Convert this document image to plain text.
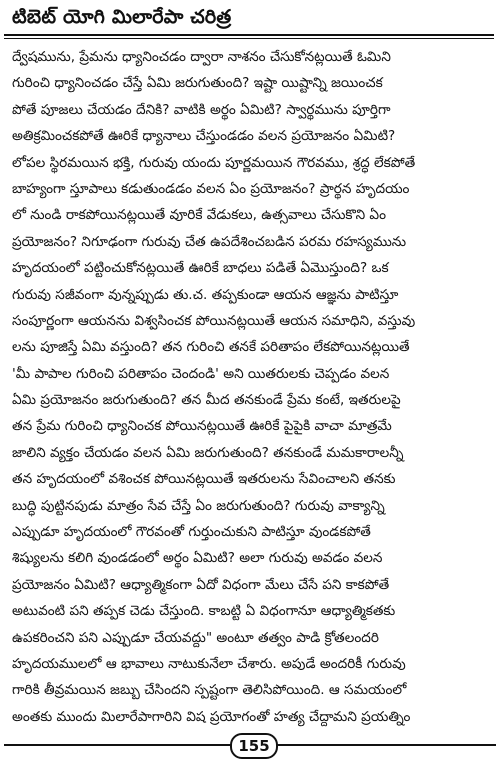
టిబెట్ యోగి మిలారేపా చరిత్ర
ద్వేషమును, ప్రేమను ధ్యానించడం ద్వారా నాశనం చేసుకోనట్లయితే ఓమిని
గురించి ధ్యానించడం చేస్తే ఏమి జరుగుతుంది? ఇష్టా యిష్టాన్ని జయించక
పోతే పూజలు చేయడం దేనికి? వాటికి అర్థం ఏమిటి? స్వార్థమును పూర్తిగా
అతిక్రమించకపోతే ఊరికే ధ్యానాలు చేస్తుండడం వలన ప్రయోజనం ఏమిటి?
లోపల స్థిరమయిన భక్తి, గురువు యందు పూర్ణమయిన గౌరవము, శ్రద్ధ లేకపోతే
బాహ్యంగా స్తూపాలు కడుతుండడం వలన ఏం ప్రయోజనం? ప్రార్థన హృదయం
లో నుండి రాకపోయినట్లయితే వూరికే వేడుకలు, ఉత్సవాలు చేసుకొని ఏం
ప్రయోజనం? నిగూఢంగా గురువు చేత ఉపదేశించబడిన పరమ రహస్యమును
హృదయంలో పట్టించుకోనట్లయితే ఊరికే బాధలు పడితే ఏమొస్తుంది? ఒక
గురువు సజీవంగా వున్నప్పుడు తు.చ. తప్పకుండా ఆయన ఆజ్ఞను పాటిస్తూ
సంపూర్ణంగా ఆయనను విశ్వసించక పోయినట్లయితే ఆయన సమాధిని, వస్తువు
లను పూజిస్తే ఏమి వస్తుంది? తన గురించి తనకే పరితాపం లేకపోయినట్లయితే
'మీ పాపాల గురించి పరితాపం చెందండి' అని యితరులకు చెప్పడం వలన
ఏమి ప్రయోజనం జరుగుతుంది? తన మీద తనకుండే ప్రేమ కంటే, ఇతరులపై
తన ప్రేమ గురించి ధ్యానించక పోయినట్లయితే ఊరికే పైపైకి వాచా మాత్రమే
జాలిని వ్యక్తం చేయడం వలన ఏమి జరుగుతుంది? తనకుండే మమకారాలన్నీ
తన హృదయంలో వశించక పోయినట్లయితే ఇతరులను సేవించాలని తనకు
బుద్ధి పుట్టినపుడు మాత్రం సేవ చేస్తే ఏం జరుగుతుంది? గురువు వాక్యాన్ని
ఎప్పుడూ హృదయంలో గౌరవంతో గుర్తుంచుకుని పాటిస్తూ వుండకపోతే
శిష్యులను కలిగి వుండడంలో అర్థం ఏమిటి? అలా గురువు అవడం వలన
ప్రయోజనం ఏమిటి? ఆధ్యాత్మికంగా ఏదో విధంగా మేలు చేసే పని కాకపోతే
అటువంటి పని తప్పక చెడు చేస్తుంది. కాబట్టి ఏ విధంగానూ ఆధ్యాత్మికతకు
ఉపకరించని పని ఎప్పుడూ చేయవద్దు" అంటూ తత్వం పాడి క్రోతలందరి
హృదయములలో ఆ భావాలు నాటుకునేలా చేశారు. అపుడే అందరికీ గురువు
గారికి తీవ్రమయిన జబ్బు చేసిందని స్పష్టంగా తెలిసిపోయింది. ఆ సమయంలో
అంతకు ముందు మిలారేపాగారిని విష ప్రయోగంతో హత్య చేద్దామని ప్రయత్నిం
155
